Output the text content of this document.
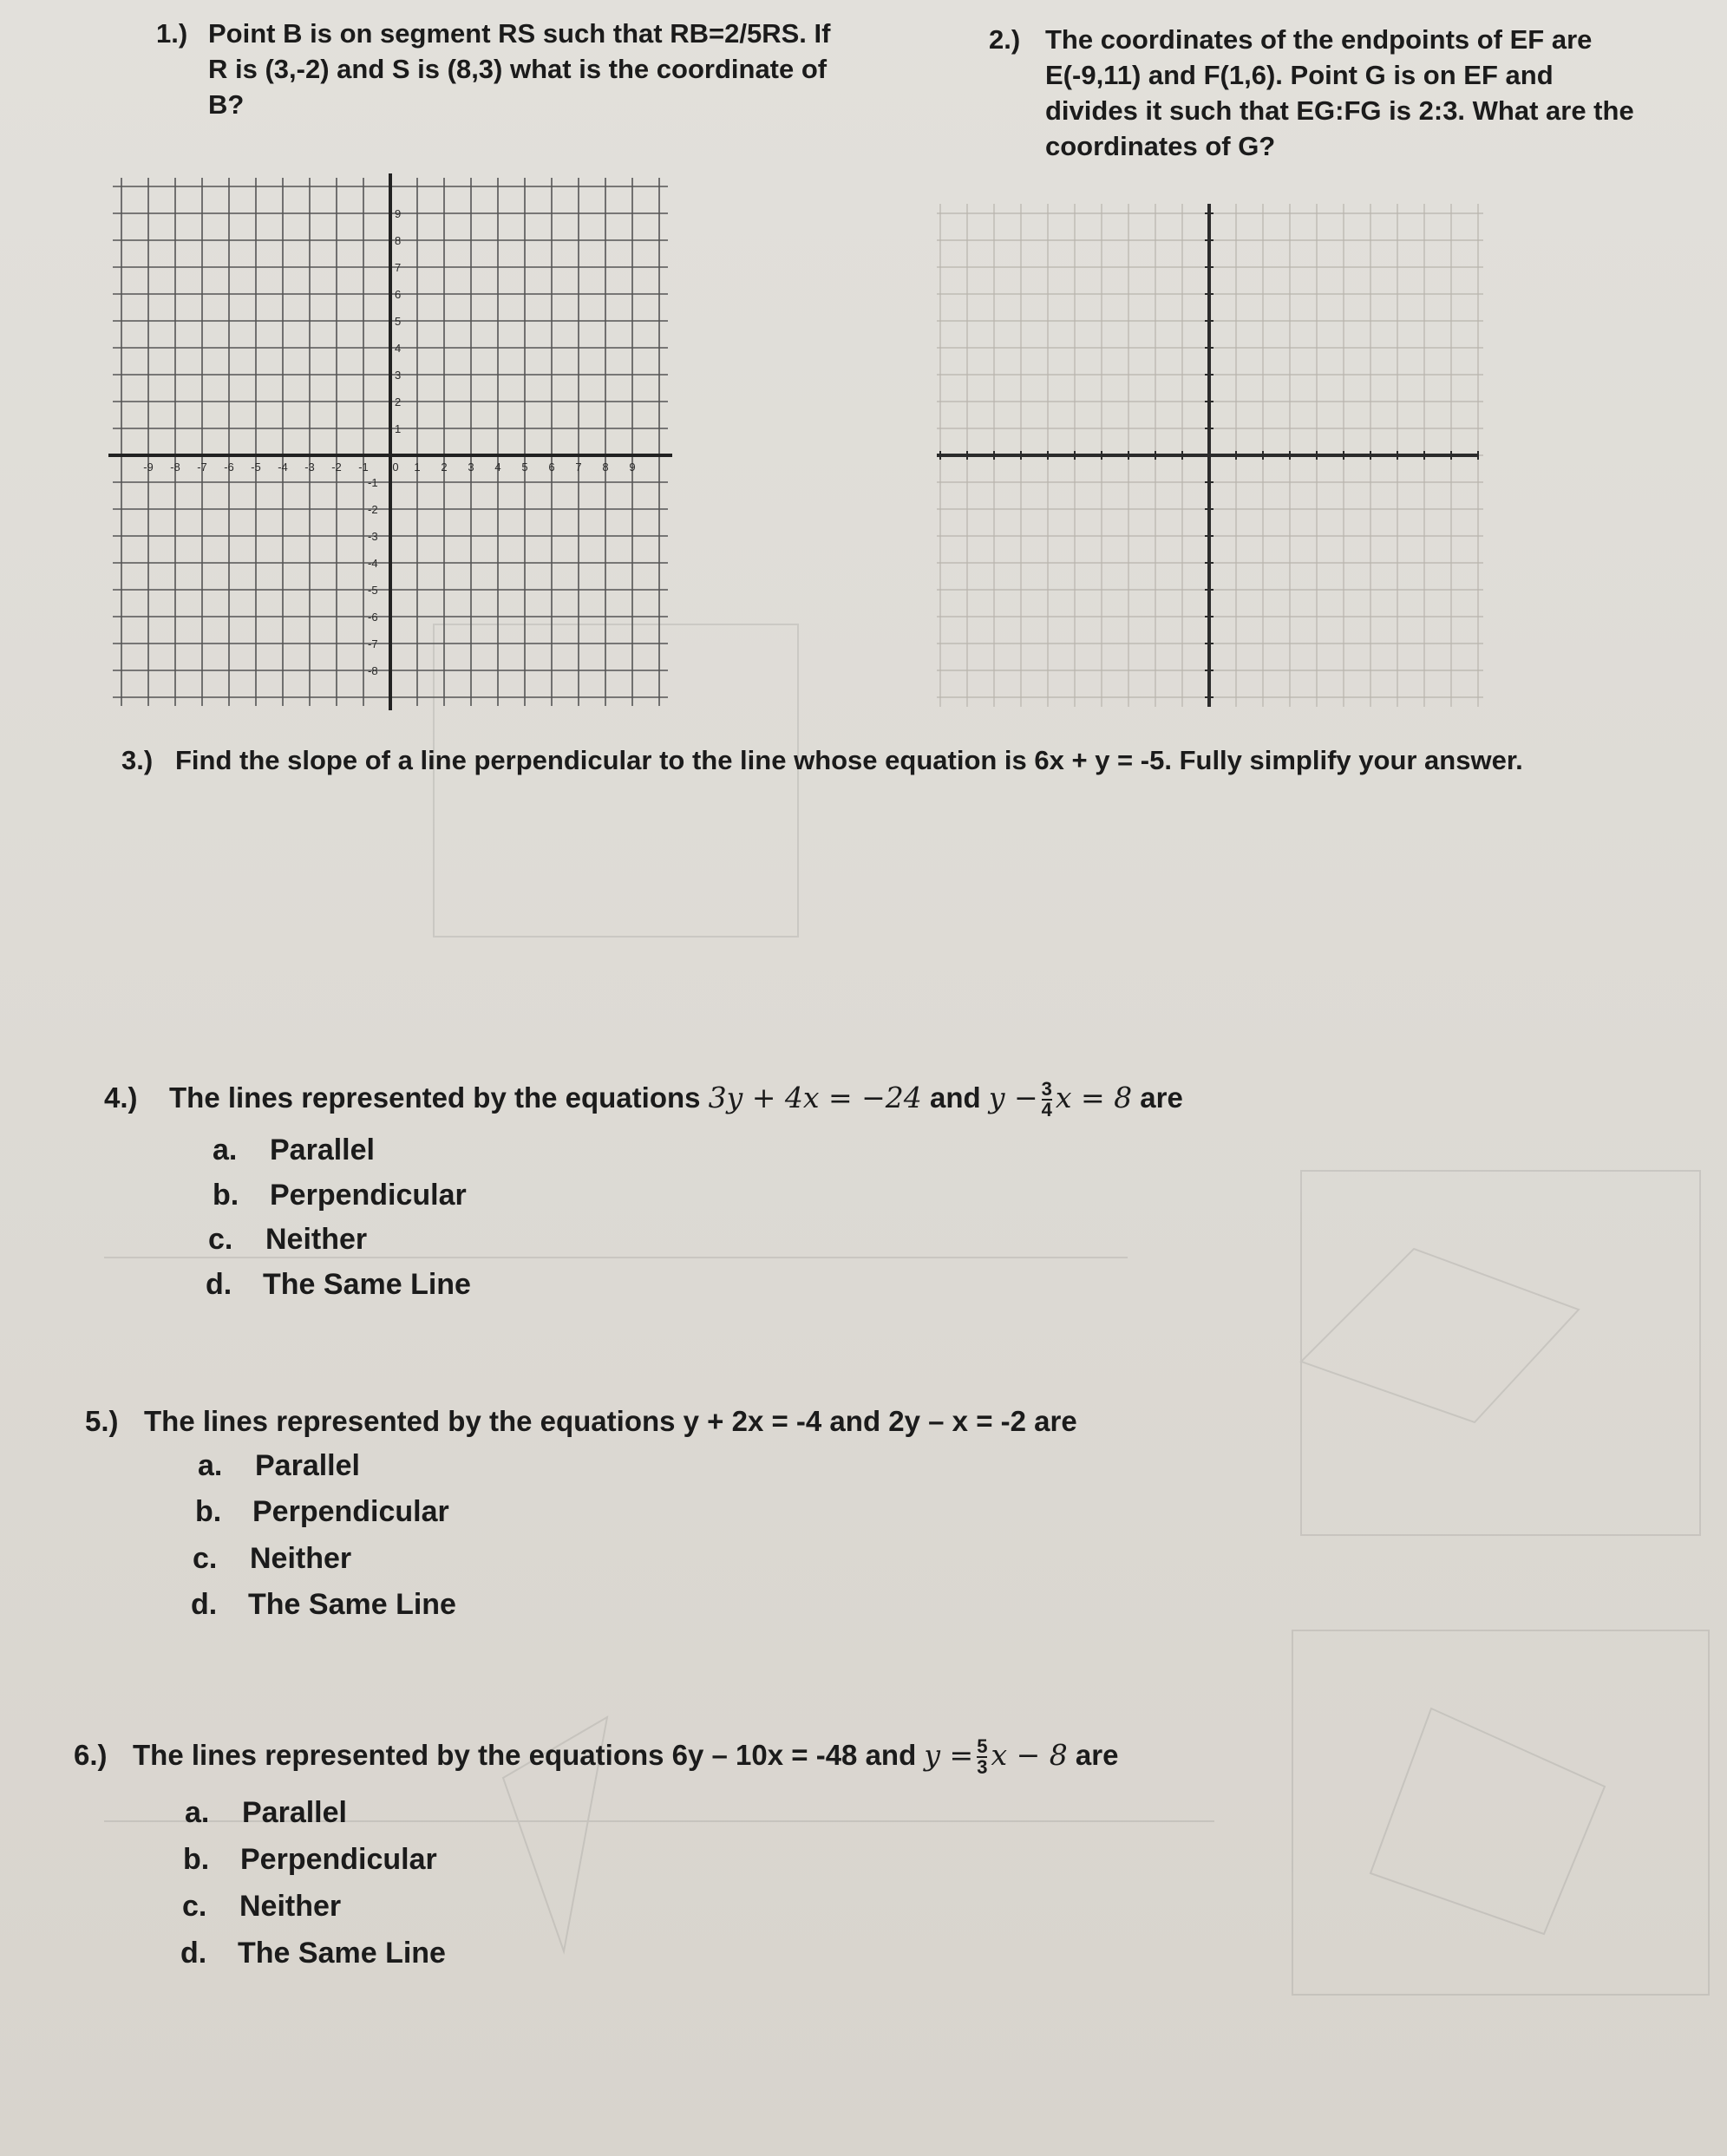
1.) Point B is on segment RS such that RB=2/5RS. If R is (3,-2) and S is (8,3) what is the coordinate of B?
2.) The coordinates of the endpoints of EF are E(-9,11) and F(1,6). Point G is on EF and divides it such that EG:FG is 2:3. What are the coordinates of G?
-9 -8 -7 -6 -5 -4 -3 -2 -1 0 1 2 3 4 5 6 7 8 9
1
2
3
4
5
6
7
8
9
-1
-2
-3
-4
-5
-6
-7
-8
3.) Find the slope of a line perpendicular to the line whose equation is 6x + y = -5. Fully simplify your answer.
4.) The lines represented by the equations 3y + 4x = −24 and $y - \frac{3}{4}$ x = 8 are
a. Parallel
b. Perpendicular
c. Neither
d. The Same Line
5.) The lines represented by the equations y + 2x = -4 and 2y – x = -2 are
a. Parallel
b. Perpendicular
c. Neither
d. The Same Line
6.) The lines represented by the equations 6y – 10x = -48 and $y = \frac{5}{3}$ x − 8 are
a. Parallel
b. Perpendicular
c. Neither
d. The Same Line
